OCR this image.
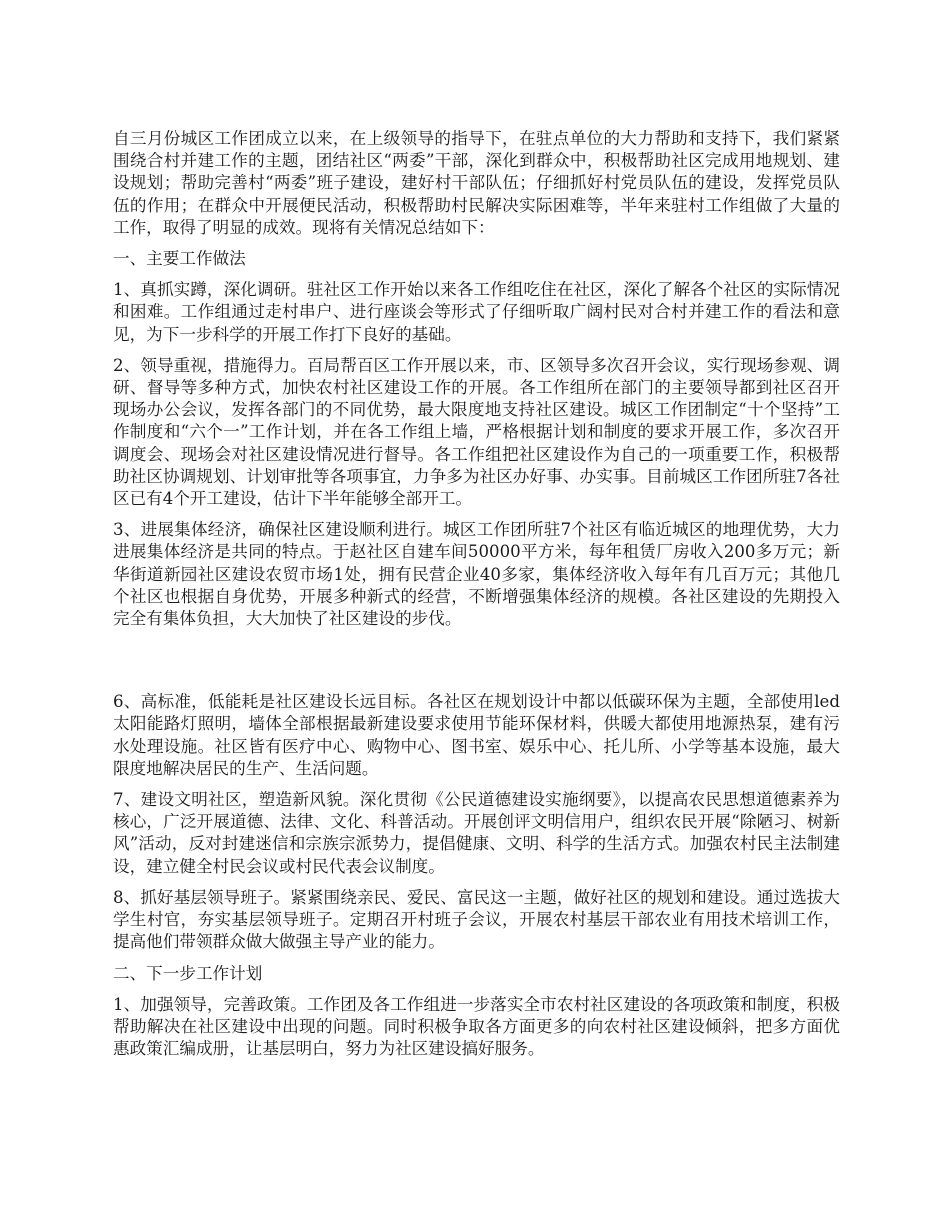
自三月份城区工作团成立以来，在上级领导的指导下，在驻点单位的大力帮助和支持下，我们紧紧围绕合村并建工作的主题，团结社区“两委”干部，深化到群众中，积极帮助社区完成用地规划、建设规划；帮助完善村“两委”班子建设，建好村干部队伍；仔细抓好村党员队伍的建设，发挥党员队伍的作用；在群众中开展便民活动，积极帮助村民解决实际困难等，半年来驻村工作组做了大量的工作，取得了明显的成效。现将有关情况总结如下：

一、主要工作做法

1、真抓实蹲，深化调研。驻社区工作开始以来各工作组吃住在社区，深化了解各个社区的实际情况和困难。工作组通过走村串户、进行座谈会等形式了仔细听取广阔村民对合村并建工作的看法和意见，为下一步科学的开展工作打下良好的基础。

2、领导重视，措施得力。百局帮百区工作开展以来，市、区领导多次召开会议，实行现场参观、调研、督导等多种方式，加快农村社区建设工作的开展。各工作组所在部门的主要领导都到社区召开现场办公会议，发挥各部门的不同优势，最大限度地支持社区建设。城区工作团制定“十个坚持”工作制度和“六个一”工作计划，并在各工作组上墙，严格根据计划和制度的要求开展工作，多次召开调度会、现场会对社区建设情况进行督导。各工作组把社区建设作为自己的一项重要工作，积极帮助社区协调规划、计划审批等各项事宜，力争多为社区办好事、办实事。目前城区工作团所驻7各社区已有4个开工建设，估计下半年能够全部开工。

3、进展集体经济，确保社区建设顺利进行。城区工作团所驻7个社区有临近城区的地理优势，大力进展集体经济是共同的特点。于赵社区自建车间50000平方米，每年租赁厂房收入200多万元；新华街道新园社区建设农贸市场1处，拥有民营企业40多家，集体经济收入每年有几百万元；其他几个社区也根据自身优势，开展多种新式的经营，不断增强集体经济的规模。各社区建设的先期投入完全有集体负担，大大加快了社区建设的步伐。

6、高标准，低能耗是社区建设长远目标。各社区在规划设计中都以低碳环保为主题，全部使用led太阳能路灯照明，墙体全部根据最新建设要求使用节能环保材料，供暖大都使用地源热泵，建有污水处理设施。社区皆有医疗中心、购物中心、图书室、娱乐中心、托儿所、小学等基本设施，最大限度地解决居民的生产、生活问题。

7、建设文明社区，塑造新风貌。深化贯彻《公民道德建设实施纲要》，以提高农民思想道德素养为核心，广泛开展道德、法律、文化、科普活动。开展创评文明信用户，组织农民开展“除陋习、树新风”活动，反对封建迷信和宗族宗派势力，提倡健康、文明、科学的生活方式。加强农村民主法制建设，建立健全村民会议或村民代表会议制度。

8、抓好基层领导班子。紧紧围绕亲民、爱民、富民这一主题，做好社区的规划和建设。通过选拔大学生村官，夯实基层领导班子。定期召开村班子会议，开展农村基层干部农业有用技术培训工作，提高他们带领群众做大做强主导产业的能力。

二、下一步工作计划

1、加强领导，完善政策。工作团及各工作组进一步落实全市农村社区建设的各项政策和制度，积极帮助解决在社区建设中出现的问题。同时积极争取各方面更多的向农村社区建设倾斜，把多方面优惠政策汇编成册，让基层明白，努力为社区建设搞好服务。
